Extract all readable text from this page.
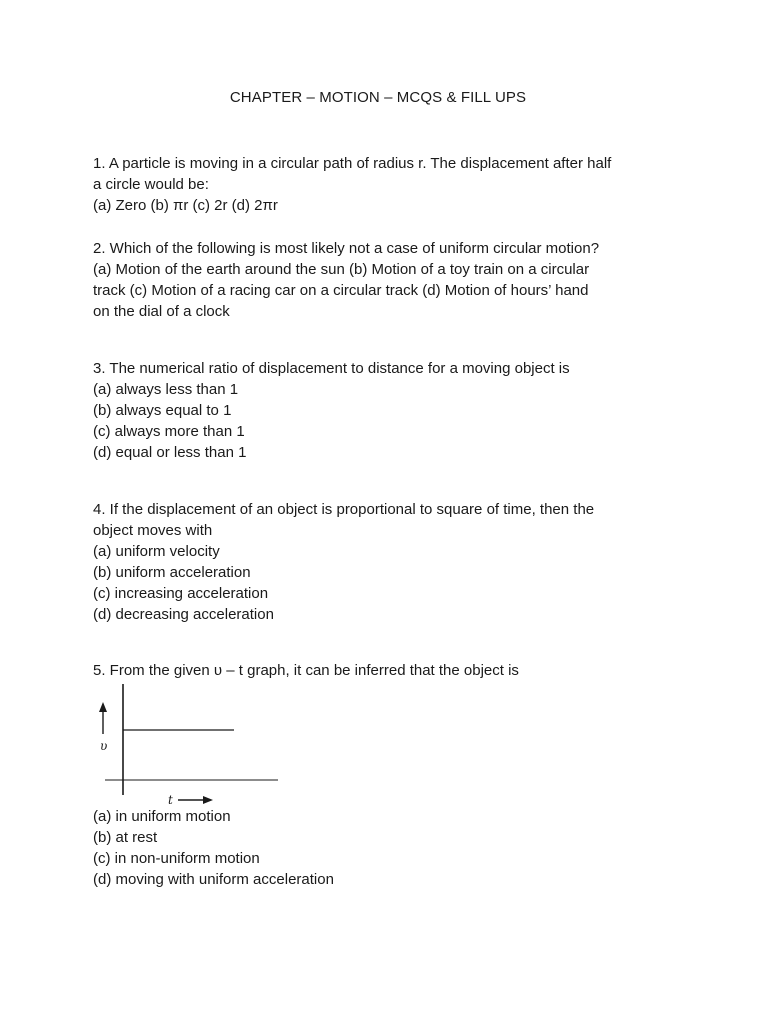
CHAPTER – MOTION – MCQS & FILL UPS
1. A particle is moving in a circular path of radius r. The displacement after half
a circle would be:
(a) Zero (b) πr (c) 2r (d) 2πr
2. Which of the following is most likely not a case of uniform circular motion?
(a) Motion of the earth around the sun (b) Motion of a toy train on a circular
track (c) Motion of a racing car on a circular track (d) Motion of hours’ hand
on the dial of a clock
3. The numerical ratio of displacement to distance for a moving object is
(a) always less than 1
(b) always equal to 1
(c) always more than 1
(d) equal or less than 1
4. If the displacement of an object is proportional to square of time, then the
object moves with
(a) uniform velocity
(b) uniform acceleration
(c) increasing acceleration
(d) decreasing acceleration
5. From the given υ – t graph, it can be inferred that the object is
υ
t
(a) in uniform motion
(b) at rest
(c) in non-uniform motion
(d) moving with uniform acceleration
